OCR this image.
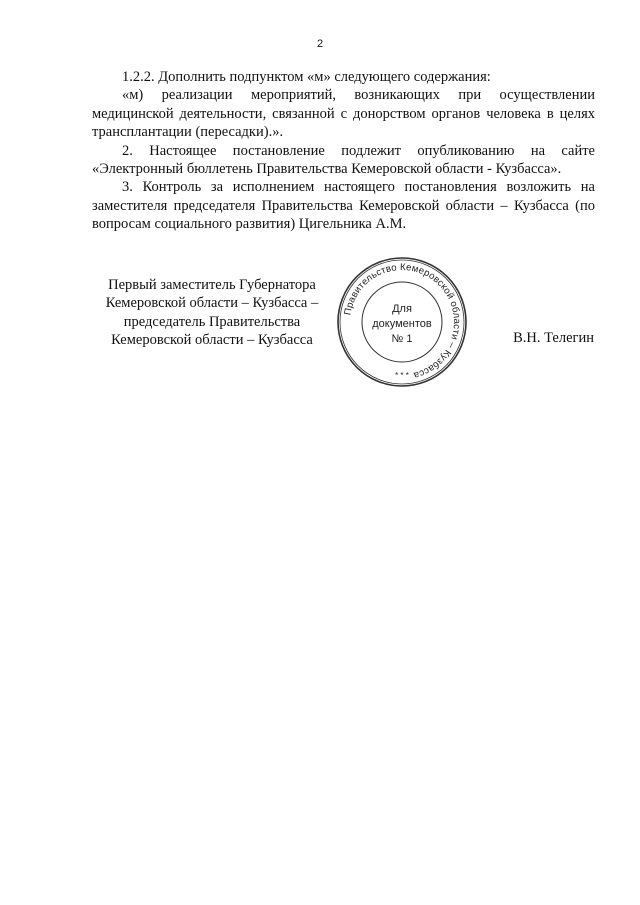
2

1.2.2. Дополнить подпунктом «м» следующего содержания:

«м) реализации мероприятий, возникающих при осуществлении медицинской деятельности, связанной с донорством органов человека в целях трансплантации (пересадки).».

2. Настоящее постановление подлежит опубликованию на сайте «Электронный бюллетень Правительства Кемеровской области - Кузбасса».

3. Контроль за исполнением настоящего постановления возложить на заместителя председателя Правительства Кемеровской области – Кузбасса (по вопросам социального развития) Цигельника А.М.

Первый заместитель Губернатора
Кемеровской области – Кузбасса –
председатель Правительства
Кемеровской области – Кузбасса	В.Н. Телегин
Правительство Кемеровской области – Кузбасса
Для
документов
№ 1
* * *
